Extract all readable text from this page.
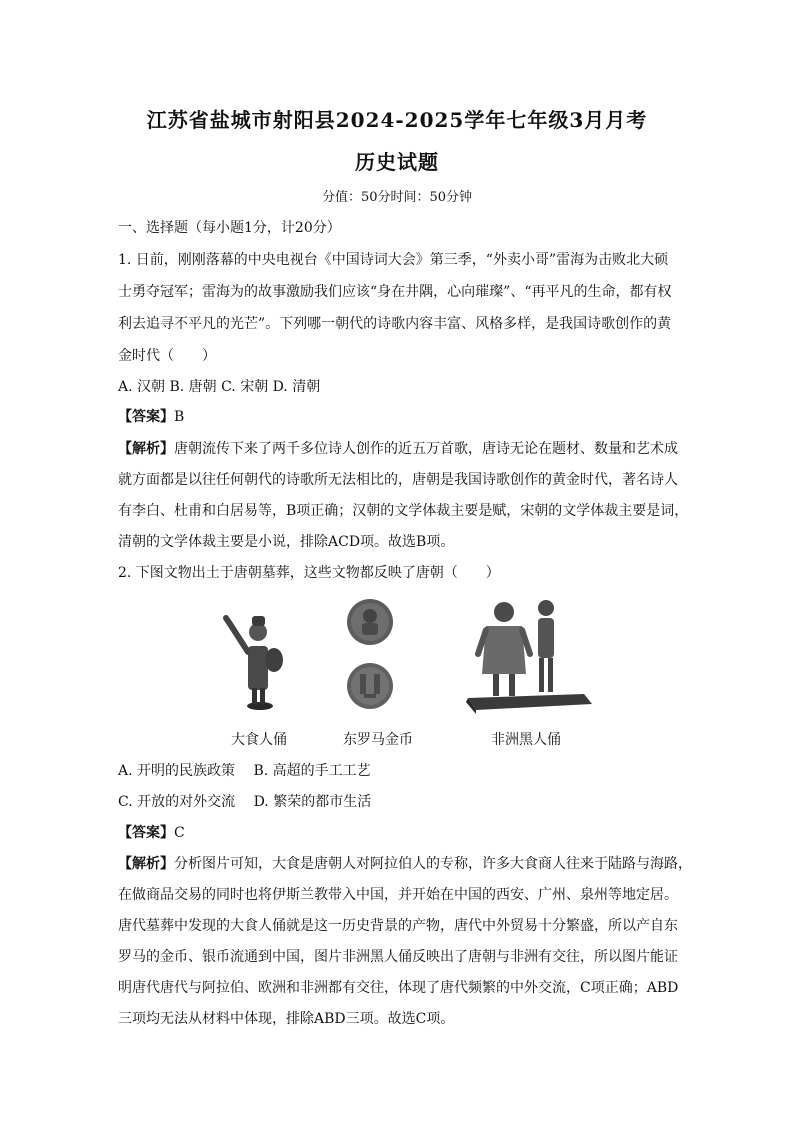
江苏省盐城市射阳县2024-2025学年七年级3月月考
历史试题
分值：50分时间：50分钟
一、选择题（每小题1分，计20分）
1. 日前，刚刚落幕的中央电视台《中国诗词大会》第三季，“外卖小哥”雷海为击败北大硕
士勇夺冠军；雷海为的故事激励我们应该“身在井隅，心向璀璨”、“再平凡的生命，都有权
利去追寻不平凡的光芒”。下列哪一朝代的诗歌内容丰富、风格多样，是我国诗歌创作的黄
金时代（　　）
A. 汉朝 B. 唐朝 C. 宋朝 D. 清朝
【答案】B
【解析】唐朝流传下来了两千多位诗人创作的近五万首歌，唐诗无论在题材、数量和艺术成
就方面都是以往任何朝代的诗歌所无法相比的，唐朝是我国诗歌创作的黄金时代，著名诗人
有李白、杜甫和白居易等，B项正确；汉朝的文学体裁主要是赋，宋朝的文学体裁主要是词，
清朝的文学体裁主要是小说，排除ACD项。故选B项。
2. 下图文物出土于唐朝墓葬，这些文物都反映了唐朝（　　）
大食人俑	东罗马金币	非洲黑人俑
A. 开明的民族政策　 B. 高超的手工工艺
C. 开放的对外交流　 D. 繁荣的都市生活
【答案】C
【解析】分析图片可知，大食是唐朝人对阿拉伯人的专称，许多大食商人往来于陆路与海路，
在做商品交易的同时也将伊斯兰教带入中国，并开始在中国的西安、广州、泉州等地定居。
唐代墓葬中发现的大食人俑就是这一历史背景的产物，唐代中外贸易十分繁盛，所以产自东
罗马的金币、银币流通到中国，图片非洲黑人俑反映出了唐朝与非洲有交往，所以图片能证
明唐代唐代与阿拉伯、欧洲和非洲都有交往，体现了唐代频繁的中外交流，C项正确；ABD
三项均无法从材料中体现，排除ABD三项。故选C项。
